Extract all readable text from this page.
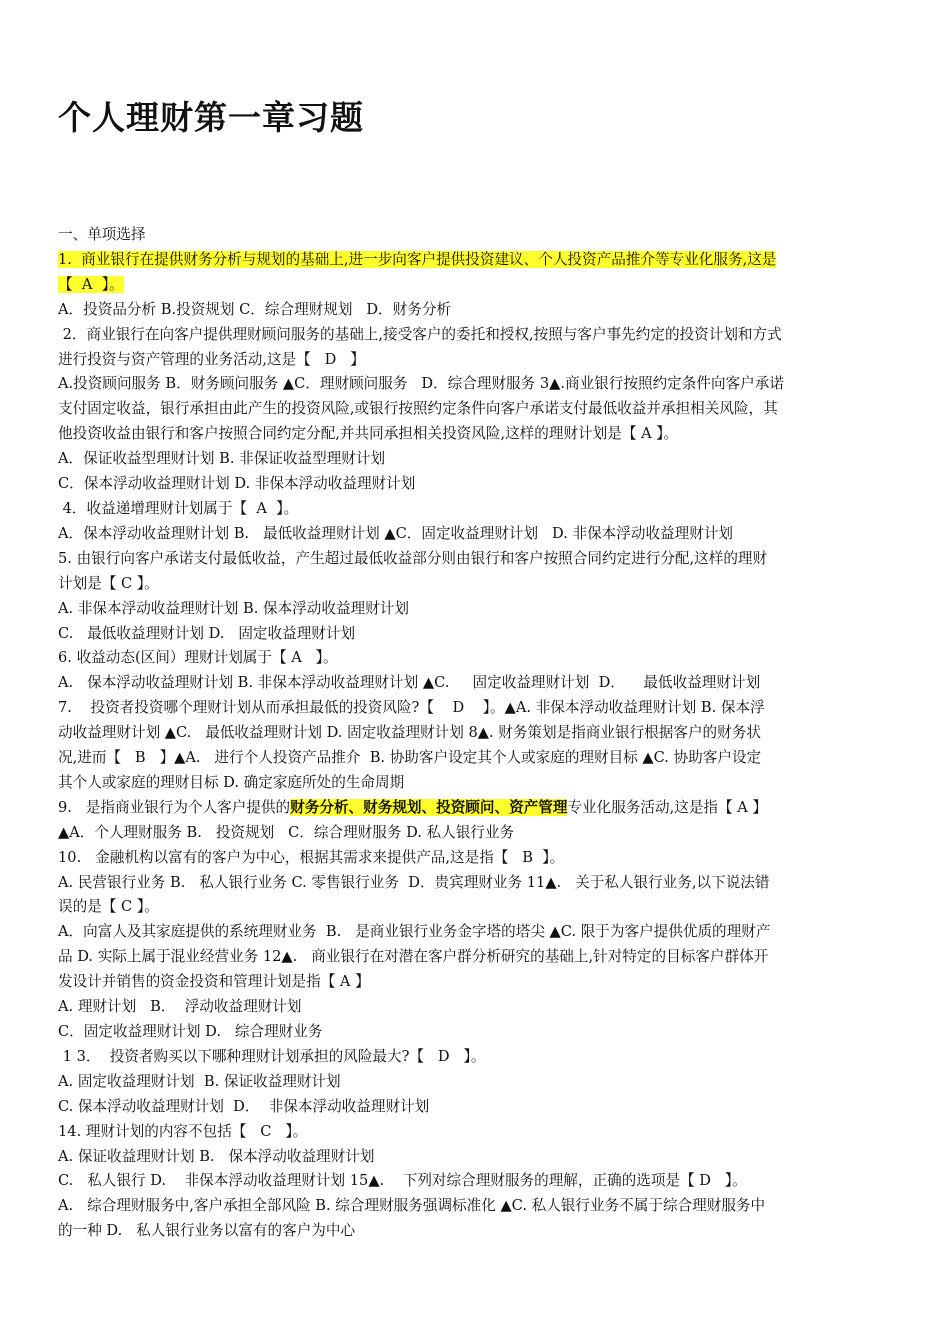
个人理财第一章习题
一、单项选择
1.  商业银行在提供财务分析与规划的基础上,进一步向客户提供投资建议、个人投资产品推介等专业化服务,这是
【  A  】。
A．投资品分析 B.投资规划 C．综合理财规划   D．财务分析
2．商业银行在向客户提供理财顾问服务的基础上,接受客户的委托和授权,按照与客户事先约定的投资计划和方式
进行投资与资产管理的业务活动,这是【   D   】
A.投资顾问服务 B．财务顾问服务 ▲C．理财顾问服务   D．综合理财服务 3▲.商业银行按照约定条件向客户承诺
支付固定收益，银行承担由此产生的投资风险,或银行按照约定条件向客户承诺支付最低收益并承担相关风险，其
他投资收益由银行和客户按照合同约定分配,并共同承担相关投资风险,这样的理财计划是【 A 】。
A．保证收益型理财计划 B. 非保证收益型理财计划
C．保本浮动收益理财计划 D. 非保本浮动收益理财计划
4．收益递增理财计划属于【  A  】。
A．保本浮动收益理财计划 B.   最低收益理财计划 ▲C．固定收益理财计划   D. 非保本浮动收益理财计划
5. 由银行向客户承诺支付最低收益，产生超过最低收益部分则由银行和客户按照合同约定进行分配,这样的理财
计划是【 C 】。
A. 非保本浮动收益理财计划 B. 保本浮动收益理财计划
C.   最低收益理财计划 D.   固定收益理财计划
6. 收益动态(区间）理财计划属于【 A   】。
A.   保本浮动收益理财计划 B. 非保本浮动收益理财计划 ▲C.     固定收益理财计划  D．    最低收益理财计划
7.    投资者投资哪个理财计划从而承担最低的投资风险?【    D    】。▲A. 非保本浮动收益理财计划 B. 保本浮
动收益理财计划 ▲C.   最低收益理财计划 D. 固定收益理财计划 8▲. 财务策划是指商业银行根据客户的财务状
况,进而【   B   】▲A.   进行个人投资产品推介  B. 协助客户设定其个人或家庭的理财目标 ▲C. 协助客户设定
其个人或家庭的理财目标 D. 确定家庭所处的生命周期
9.   是指商业银行为个人客户提供的财务分析、财务规划、投资顾问、资产管理专业化服务活动,这是指【 A 】
▲A．个人理财服务 B.   投资规划   C．综合理财服务 D. 私人银行业务
10.   金融机构以富有的客户为中心，根据其需求来提供产品,这是指【   B  】。
A. 民营银行业务 B.   私人银行业务 C. 零售银行业务  D．贵宾理财业务 11▲.   关于私人银行业务,以下说法错
误的是【 C 】。
A．向富人及其家庭提供的系统理财业务  B.   是商业银行业务金字塔的塔尖 ▲C. 限于为客户提供优质的理财产
品 D. 实际上属于混业经营业务 12▲.   商业银行在对潜在客户群分析研究的基础上,针对特定的目标客户群体开
发设计并销售的资金投资和管理计划是指【 A 】
A. 理财计划   B．  浮动收益理财计划
C．固定收益理财计划 D.   综合理财业务
1 3．  投资者购买以下哪种理财计划承担的风险最大?【   D   】。
A. 固定收益理财计划  B. 保证收益理财计划
C. 保本浮动收益理财计划  D．  非保本浮动收益理财计划
14. 理财计划的内容不包括【   C   】。
A. 保证收益理财计划 B.   保本浮动收益理财计划
C.   私人银行 D.    非保本浮动收益理财计划 15▲.    下列对综合理财服务的理解，正确的选项是【 D   】。
A.   综合理财服务中,客户承担全部风险 B. 综合理财服务强调标准化 ▲C. 私人银行业务不属于综合理财服务中
的一种 D.   私人银行业务以富有的客户为中心
